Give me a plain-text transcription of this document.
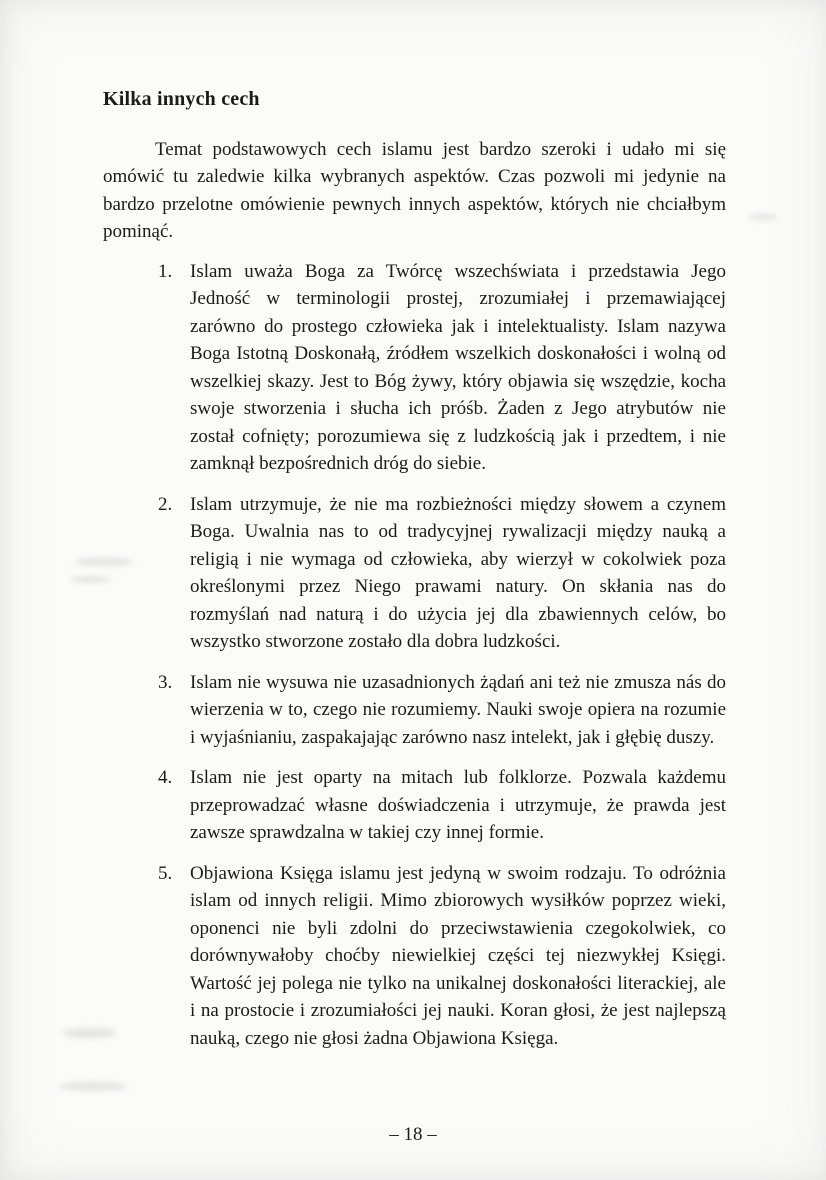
Kilka innych cech

Temat podstawowych cech islamu jest bardzo szeroki i udało mi się omówić tu zaledwie kilka wybranych aspektów. Czas pozwoli mi jedynie na bardzo przelotne omówienie pewnych innych aspektów, których nie chciałbym pominąć.

1. Islam uważa Boga za Twórcę wszechświata i przedstawia Jego Jedność w terminologii prostej, zrozumiałej i przemawiającej zarówno do prostego człowieka jak i intelektualisty. Islam nazywa Boga Istotną Doskonałą, źródłem wszelkich doskonałości i wolną od wszelkiej skazy. Jest to Bóg żywy, który objawia się wszędzie, kocha swoje stworzenia i słucha ich próśb. Żaden z Jego atrybutów nie został cofnięty; porozumiewa się z ludzkością jak i przedtem, i nie zamknął bezpośrednich dróg do siebie.
2. Islam utrzymuje, że nie ma rozbieżności między słowem a czynem Boga. Uwalnia nas to od tradycyjnej rywalizacji między nauką a religią i nie wymaga od człowieka, aby wierzył w cokolwiek poza określonymi przez Niego prawami natury. On skłania nas do rozmyślań nad naturą i do użycia jej dla zbawiennych celów, bo wszystko stworzone zostało dla dobra ludzkości.
3. Islam nie wysuwa nie uzasadnionych żądań ani też nie zmusza nás do wierzenia w to, czego nie rozumiemy. Nauki swoje opiera na rozumie i wyjaśnianiu, zaspakajając zarówno nasz intelekt, jak i głębię duszy.
4. Islam nie jest oparty na mitach lub folklorze. Pozwala każdemu przeprowadzać własne doświadczenia i utrzymuje, że prawda jest zawsze sprawdzalna w takiej czy innej formie.
5. Objawiona Księga islamu jest jedyną w swoim rodzaju. To odróżnia islam od innych religii. Mimo zbiorowych wysiłków poprzez wieki, oponenci nie byli zdolni do przeciwstawienia czegokolwiek, co dorównywałoby choćby niewielkiej części tej niezwykłej Księgi. Wartość jej polega nie tylko na unikalnej doskonałości literackiej, ale i na prostocie i zrozumiałości jej nauki. Koran głosi, że jest najlepszą nauką, czego nie głosi żadna Objawiona Księga.
– 18 –
